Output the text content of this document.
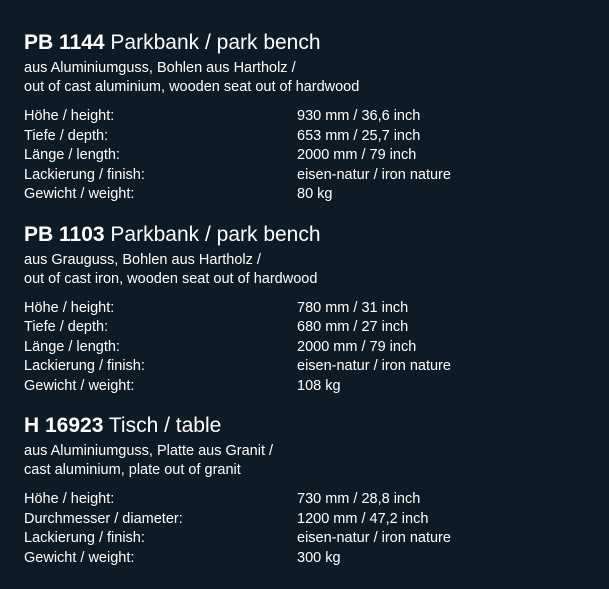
PB 1144 Parkbank / park bench
aus Aluminiumguss, Bohlen aus Hartholz /
out of cast aluminium, wooden seat out of hardwood
Höhe / height:	930 mm / 36,6 inch
Tiefe / depth:	653 mm / 25,7 inch
Länge / length:	2000 mm / 79 inch
Lackierung / finish:	eisen-natur / iron nature
Gewicht / weight:	80 kg
PB 1103 Parkbank / park bench
aus Grauguss, Bohlen aus Hartholz /
out of cast iron, wooden seat out of hardwood
Höhe / height:	780 mm / 31 inch
Tiefe / depth:	680 mm / 27 inch
Länge / length:	2000 mm / 79 inch
Lackierung / finish:	eisen-natur / iron nature
Gewicht / weight:	108 kg
H 16923 Tisch / table
aus Aluminiumguss, Platte aus Granit /
cast aluminium, plate out of granit
Höhe / height:	730 mm / 28,8 inch
Durchmesser / diameter:	1200 mm / 47,2 inch
Lackierung / finish:	eisen-natur / iron nature
Gewicht / weight:	300 kg
